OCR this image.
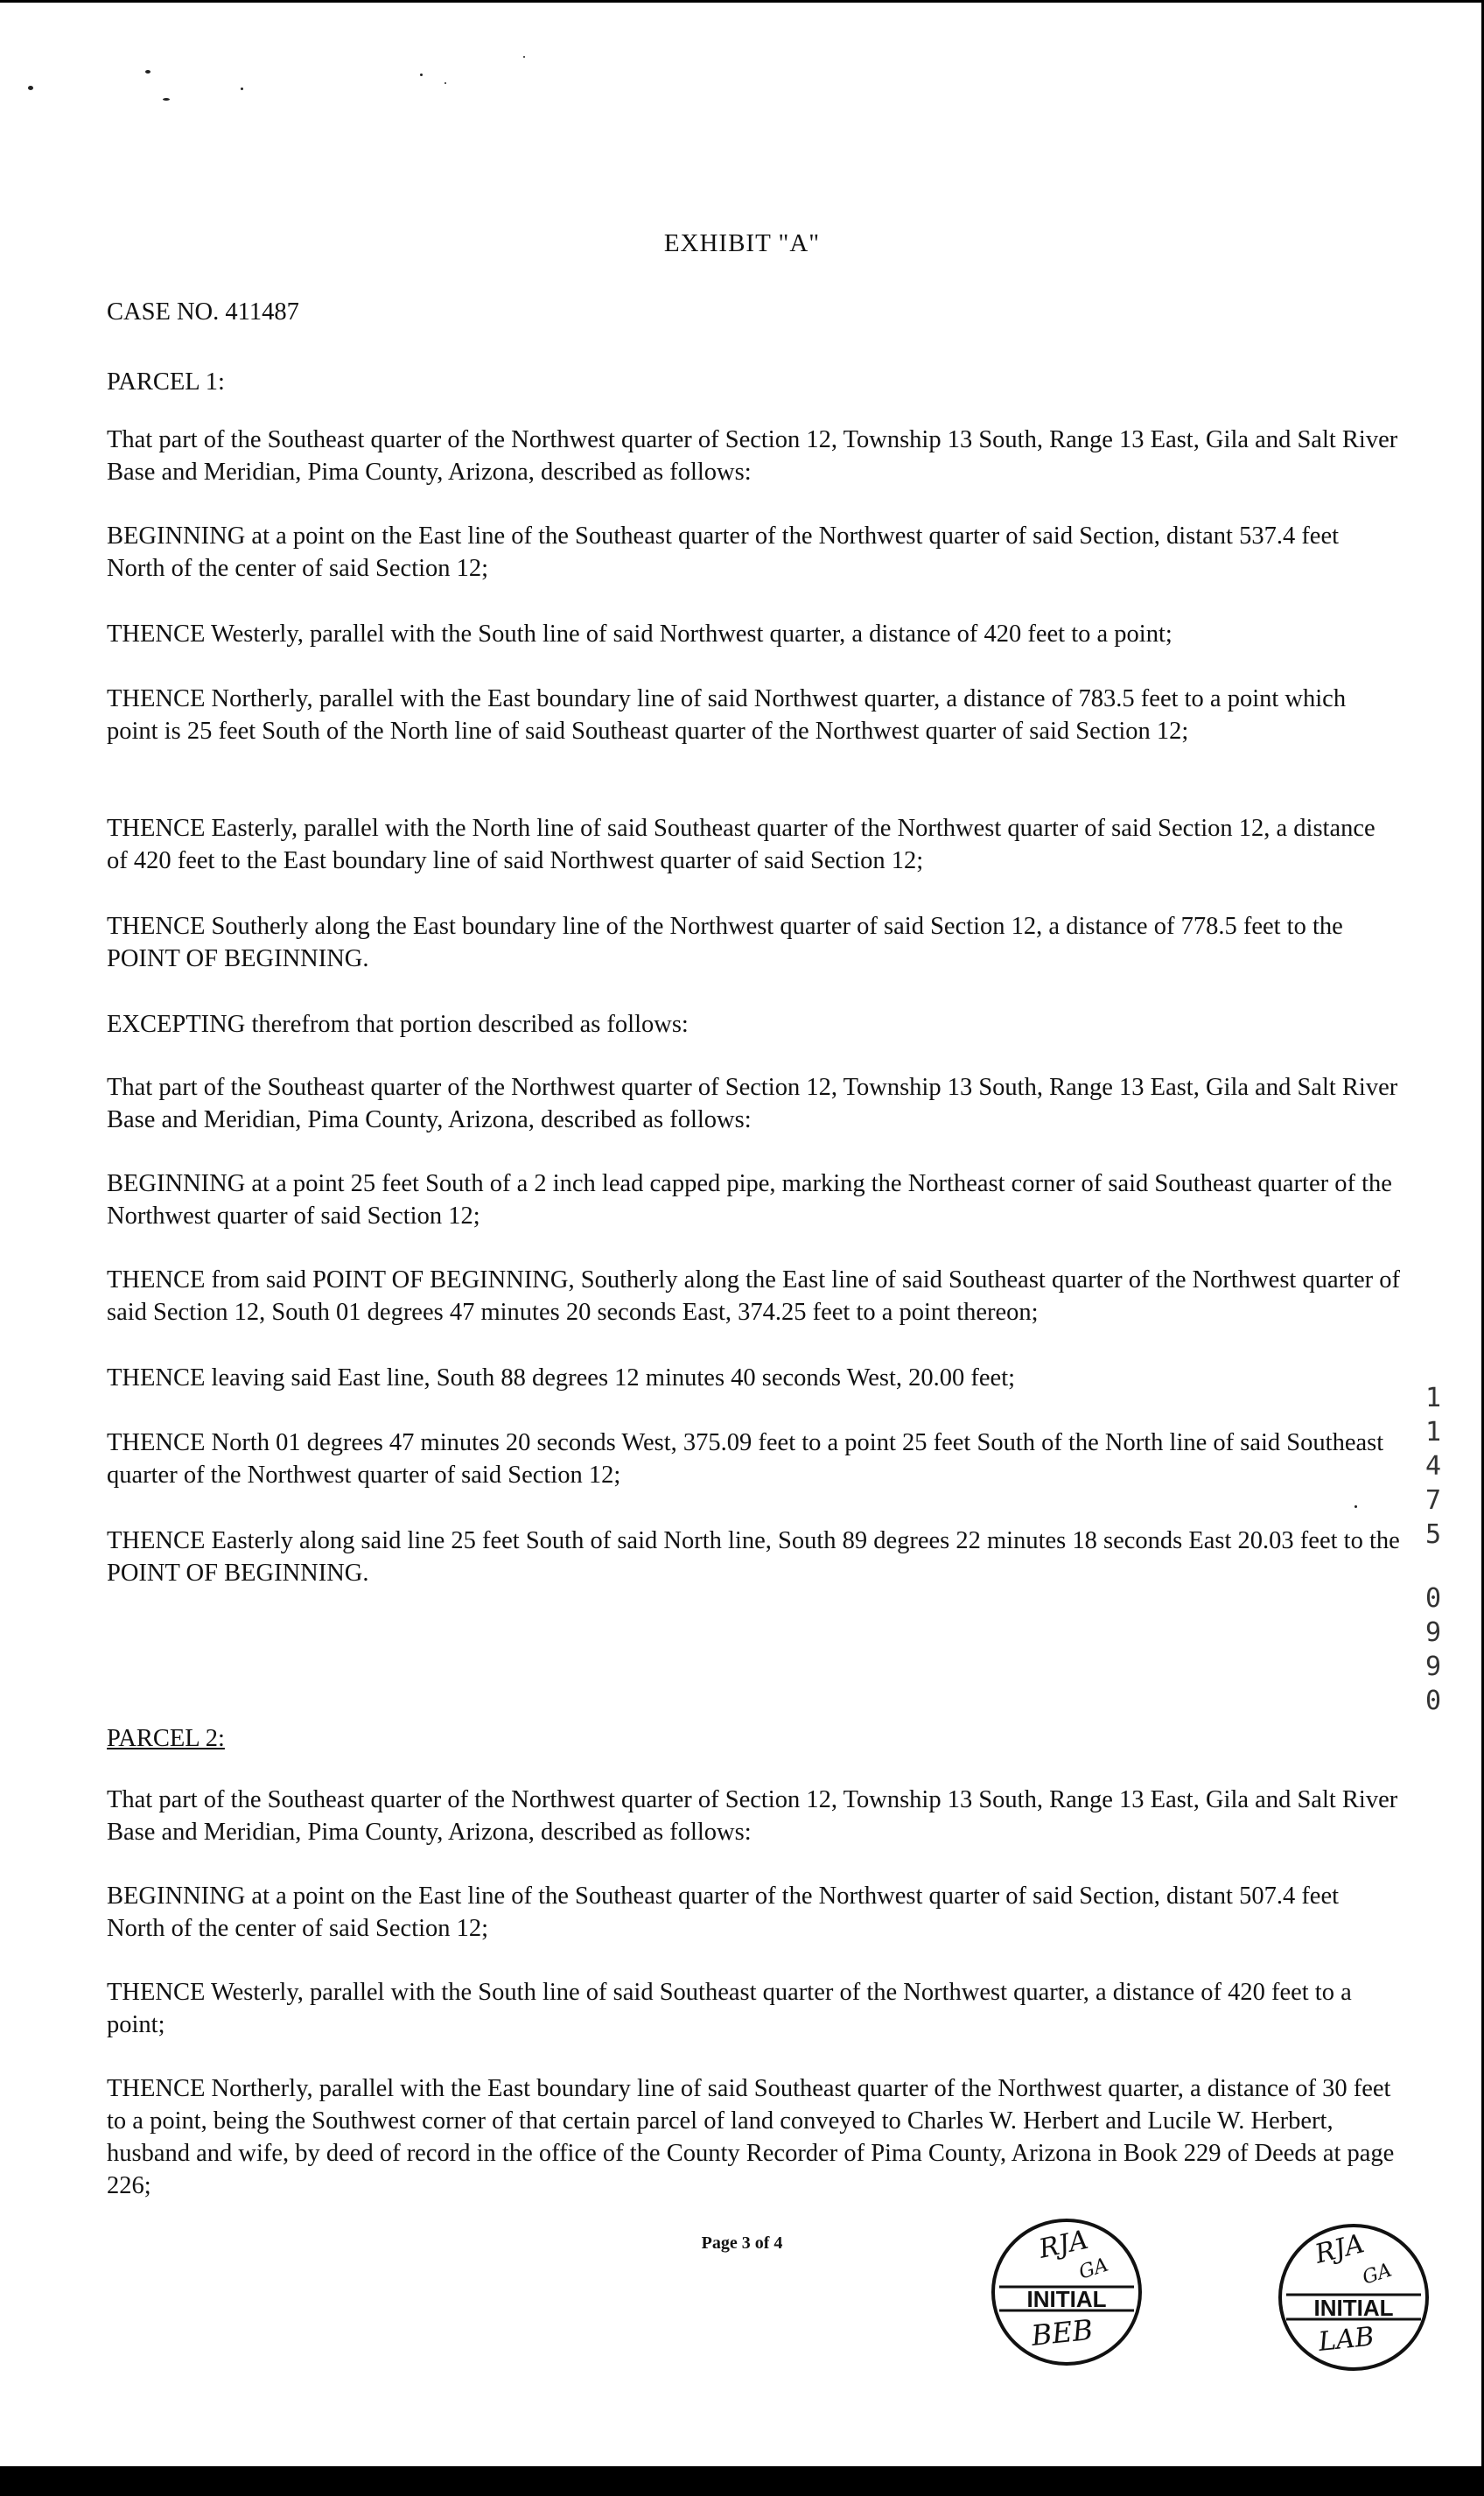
EXHIBIT "A"

CASE NO. 411487

PARCEL 1:

That part of the Southeast quarter of the Northwest quarter of Section 12, Township 13 South, Range 13 East, Gila and Salt River Base and Meridian, Pima County, Arizona, described as follows:

BEGINNING at a point on the East line of the Southeast quarter of the Northwest quarter of said Section, distant 537.4 feet North of the center of said Section 12;

THENCE Westerly, parallel with the South line of said Northwest quarter, a distance of 420 feet to a point;

THENCE Northerly, parallel with the East boundary line of said Northwest quarter, a distance of 783.5 feet to a point which point is 25 feet South of the North line of said Southeast quarter of the Northwest quarter of said Section 12;

THENCE Easterly, parallel with the North line of said Southeast quarter of the Northwest quarter of said Section 12, a distance of 420 feet to the East boundary line of said Northwest quarter of said Section 12;

THENCE Southerly along the East boundary line of the Northwest quarter of said Section 12, a distance of 778.5 feet to the POINT OF BEGINNING.

EXCEPTING therefrom that portion described as follows:

That part of the Southeast quarter of the Northwest quarter of Section 12, Township 13 South, Range 13 East, Gila and Salt River Base and Meridian, Pima County, Arizona, described as follows:

BEGINNING at a point 25 feet South of a 2 inch lead capped pipe, marking the Northeast corner of said Southeast quarter of the Northwest quarter of said Section 12;

THENCE from said POINT OF BEGINNING, Southerly along the East line of said Southeast quarter of the Northwest quarter of said Section 12, South 01 degrees 47 minutes 20 seconds East, 374.25 feet to a point thereon;

THENCE leaving said East line, South 88 degrees 12 minutes 40 seconds West, 20.00 feet;

THENCE North 01 degrees 47 minutes 20 seconds West, 375.09 feet to a point 25 feet South of the North line of said Southeast quarter of the Northwest quarter of said Section 12;

THENCE Easterly along said line 25 feet South of said North line, South 89 degrees 22 minutes 18 seconds East 20.03 feet to the POINT OF BEGINNING.

PARCEL 2:

That part of the Southeast quarter of the Northwest quarter of Section 12, Township 13 South, Range 13 East, Gila and Salt River Base and Meridian, Pima County, Arizona, described as follows:

BEGINNING at a point on the East line of the Southeast quarter of the Northwest quarter of said Section, distant 507.4 feet North of the center of said Section 12;

THENCE Westerly, parallel with the South line of said Southeast quarter of the Northwest quarter, a distance of 420 feet to a point;

THENCE Northerly, parallel with the East boundary line of said Southeast quarter of the Northwest quarter, a distance of 30 feet to a point, being the Southwest corner of that certain parcel of land conveyed to Charles W. Herbert and Lucile W. Herbert, husband and wife, by deed of record in the office of the County Recorder of Pima County, Arizona in Book 229 of Deeds at page 226;

1
1
4
7
5
0
9
9
0
Page 3 of 4
INITIAL
RJA
GA
BEB
INITIAL
RJA
GA
LAB
